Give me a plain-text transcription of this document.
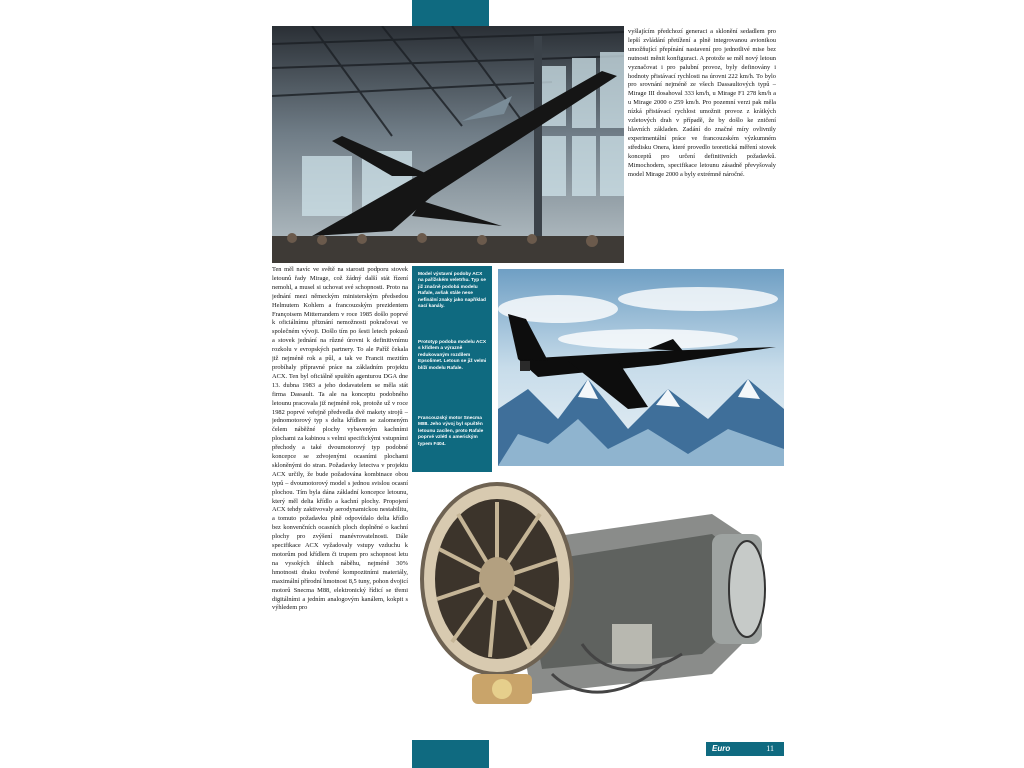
vyšlajícím předchozí generaci a sklonění sedadlem pro lepší zvládání přetížení a plně integrovanou avionikou umožňující přepínání nastavení pro jednotlivé mise bez nutnosti měnit konfiguraci. A protože se měl nový letoun vyznačovat i pro palubní provoz, byly definovány i hodnoty přistávací rychlosti na úrovni 222 km/h. To bylo pro srovnání nejméně ze všech Dassaultových typů – Mirage III dosahoval 333 km/h, u Mirage F1 278 km/h a u Mirage 2000 o 259 km/h. Pro pozemní verzi pak měla nízká přistávací rychlost umožnit provoz z krátkých vzletových drah v případě, že by došlo ke zničení hlavních základen. Zadání do značné míry ovlivnily experimentální práce ve francouzském výzkumném středisku Onera, které provedlo teoretická měření stovek konceptů pro určení definitivních požadavků. Mimochodem, specifikace letounu zásadně převyšovaly model Mirage 2000 a byly extrémně náročné.
Ten měl navíc ve světě na starosti podporu stovek letounů řady Mirage, což žádný další stát řízení nemohl, a musel si uchovat své schopnosti. Proto na jednání mezi německým ministerským předsedou Helmutem Kohlem a francouzským prezidentem Françoisem Mitterrandem v roce 1985 došlo poprvé k oficiálnímu přiznání nemožnosti pokračovat ve společném vývoji. Došlo tím po šesti letech pokusů a stovek jednání na různé úrovni k definitivnímu rozkolu v evropských partnery. To ale Paříž čekala již nejméně rok a půl, a tak ve Francii mezitím probíhaly přípravné práce na základním projektu ACX. Ten byl oficiálně spuštěn agenturou DGA dne 13. dubna 1983 a jeho dodavatelem se měla stát firma Dassault. Ta ale na konceptu podobného letounu pracovala již nejméně rok, protože už v roce 1982 poprvé veřejně předvedla dvě makety strojů – jednomotorový typ s delta křídlem se zalomeným čelem náběžné plochy vybaveným kachními plochami za kabinou s velmi specifickými vstupními přechody a také dvoumotorový typ podobné koncepce se zdvojenými ocasními plochami skloněnými do stran. Požadavky letectva v projektu ACX určily, že bude požadována kombinace obou typů – dvoumotorový model s jednou svislou ocasní plochou. Tím byla dána základní koncepce letounu, který měl delta křídlo a kachní plochy. Propojení ACX tehdy zaktivovaly aerodynamickou nestabilitu, a tomuto požadavku plně odpovídalo delta křídlo bez konvenčních ocasních ploch doplněné o kachní plochy pro zvýšení manévrovatelnosti. Dále specifikace ACX vyžadovaly vstupy vzduchu k motorům pod křídlem či trupem pro schopnost letu na vysokých úhlech náběhu, nejméně 30% hmotnosti draku tvořené kompozitními materiály, maximální přírodní hmotnost 8,5 tuny, pohon dvojicí motorů Snecma M88, elektronický řídicí se třemi digitálními a jedním analogovým kanálem, kokpit s výhledem pro
Model výstavní podoby ACX na pařížském veletrhu. Typ se již značně podobá modelu Rafale, avšak stále nese nefinální znaky jako například sací kanály.
Prototyp podoba modelu ACX s křídlem a výrazně redukovaným rozdílem Epsolimet. Letoun se již velmi blíží modelu Rafale.
Francouzský motor Snecma M88. Jeho vývoj byl spuštěn letounu zacílen, proto Rafale poprvé vzlétl s americkým typem F404.
Euro	11
